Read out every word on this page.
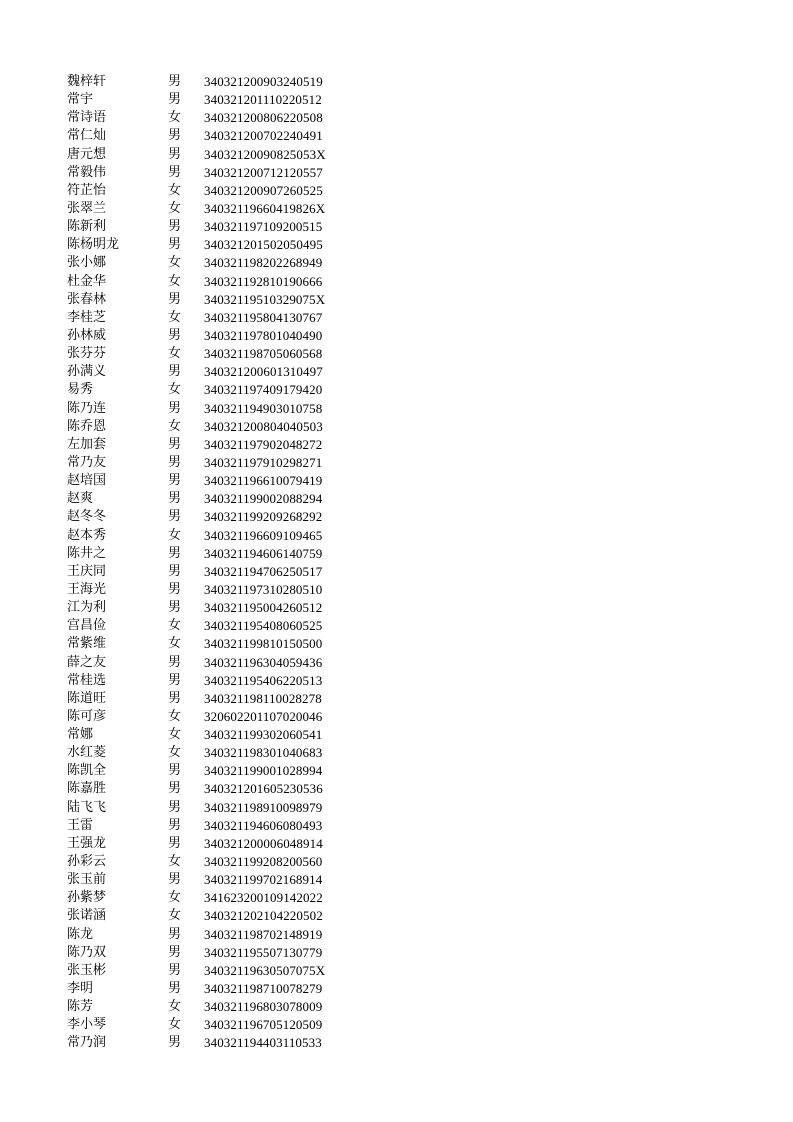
魏梓轩	男 340321200903240519
常宇	男 340321201110220512
常诗语	女 340321200806220508
常仁灿	男 340321200702240491
唐元想	男 34032120090825053X
常毅伟	男 340321200712120557
符芷怡	女 340321200907260525
张翠兰	女 34032119660419826X
陈新利	男 340321197109200515
陈杨明龙	男 340321201502050495
张小娜	女 340321198202268949
杜金华	女 340321192810190666
张春林	男 34032119510329075X
李桂芝	女 340321195804130767
孙林威	男 340321197801040490
张芬芬	女 340321198705060568
孙满义	男 340321200601310497
易秀	女 340321197409179420
陈乃连	男 340321194903010758
陈乔恩	女 340321200804040503
左加套	男 340321197902048272
常乃友	男 340321197910298271
赵培国	男 340321196610079419
赵爽	男 340321199002088294
赵冬冬	男 340321199209268292
赵本秀	女 340321196609109465
陈井之	男 340321194606140759
王庆同	男 340321194706250517
王海光	男 340321197310280510
江为利	男 340321195004260512
宫昌俭	女 340321195408060525
常紫维	女 340321199810150500
薛之友	男 340321196304059436
常桂选	男 340321195406220513
陈道旺	男 340321198110028278
陈可彦	女 320602201107020046
常娜	女 340321199302060541
水红菱	女 340321198301040683
陈凯全	男 340321199001028994
陈嘉胜	男 340321201605230536
陆飞飞	男 340321198910098979
王雷	男 340321194606080493
王强龙	男 340321200006048914
孙彩云	女 340321199208200560
张玉前	男 340321199702168914
孙紫梦	女 341623200109142022
张诺涵	女 340321202104220502
陈龙	男 340321198702148919
陈乃双	男 340321195507130779
张玉彬	男 34032119630507075X
李明	男 340321198710078279
陈芳	女 340321196803078009
李小琴	女 340321196705120509
常乃润	男 340321194403110533
